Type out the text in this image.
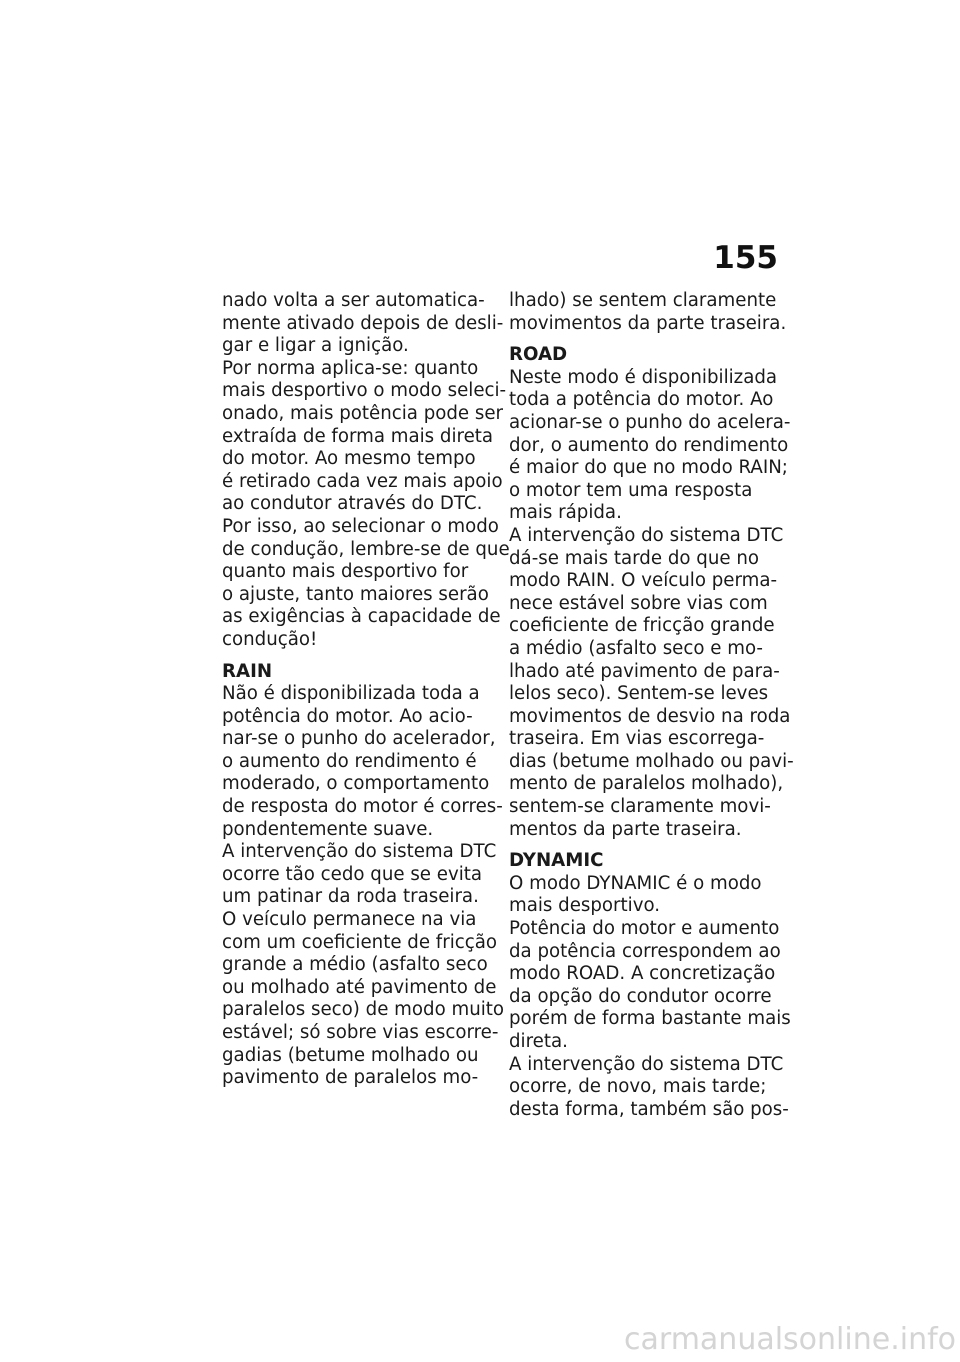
155
nado volta a ser automatica-
mente ativado depois de desli-
gar e ligar a ignição.
Por norma aplica-se: quanto
mais desportivo o modo seleci-
onado, mais potência pode ser
extraída de forma mais direta
do motor. Ao mesmo tempo
é retirado cada vez mais apoio
ao condutor através do DTC.
Por isso, ao selecionar o modo
de condução, lembre-se de que
quanto mais desportivo for
o ajuste, tanto maiores serão
as exigências à capacidade de
condução!
RAIN
Não é disponibilizada toda a
potência do motor. Ao acio-
nar-se o punho do acelerador,
o aumento do rendimento é
moderado, o comportamento
de resposta do motor é corres-
pondentemente suave.
A intervenção do sistema DTC
ocorre tão cedo que se evita
um patinar da roda traseira.
O veículo permanece na via
com um coeficiente de fricção
grande a médio (asfalto seco
ou molhado até pavimento de
paralelos seco) de modo muito
estável; só sobre vias escorre-
gadias (betume molhado ou
pavimento de paralelos mo-
lhado) se sentem claramente
movimentos da parte traseira.
ROAD
Neste modo é disponibilizada
toda a potência do motor. Ao
acionar-se o punho do acelera-
dor, o aumento do rendimento
é maior do que no modo RAIN;
o motor tem uma resposta
mais rápida.
A intervenção do sistema DTC
dá-se mais tarde do que no
modo RAIN. O veículo perma-
nece estável sobre vias com
coeficiente de fricção grande
a médio (asfalto seco e mo-
lhado até pavimento de para-
lelos seco). Sentem-se leves
movimentos de desvio na roda
traseira. Em vias escorrega-
dias (betume molhado ou pavi-
mento de paralelos molhado),
sentem-se claramente movi-
mentos da parte traseira.
DYNAMIC
O modo DYNAMIC é o modo
mais desportivo.
Potência do motor e aumento
da potência correspondem ao
modo ROAD. A concretização
da opção do condutor ocorre
porém de forma bastante mais
direta.
A intervenção do sistema DTC
ocorre, de novo, mais tarde;
desta forma, também são pos-
carmanualsonline.info
